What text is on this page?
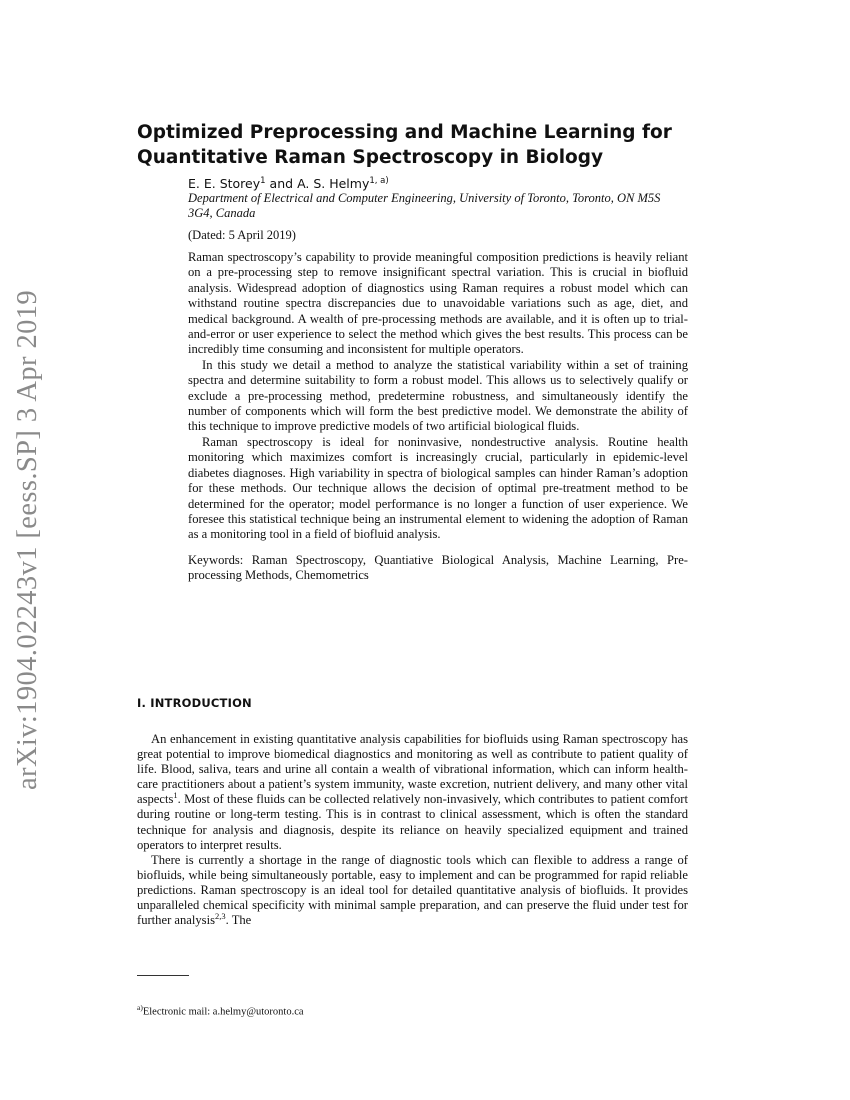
arXiv:1904.02243v1 [eess.SP] 3 Apr 2019
Optimized Preprocessing and Machine Learning for Quantitative Raman Spectroscopy in Biology
E. E. Storey$^1$ and A. S. Helmy$^{1, a)}$
Department of Electrical and Computer Engineering, University of Toronto, Toronto, ON M5S 3G4, Canada
(Dated: 5 April 2019)

Raman spectroscopy’s capability to provide meaningful composition predictions is heavily reliant on a pre-processing step to remove insignificant spectral variation. This is crucial in biofluid analysis. Widespread adoption of diagnostics using Raman requires a robust model which can withstand routine spectra discrepancies due to unavoidable variations such as age, diet, and medical background. A wealth of pre-processing methods are available, and it is often up to trial-and-error or user experience to select the method which gives the best results. This process can be incredibly time consuming and inconsistent for multiple operators.

In this study we detail a method to analyze the statistical variability within a set of training spectra and determine suitability to form a robust model. This allows us to selectively qualify or exclude a pre-processing method, predetermine robustness, and simultaneously identify the number of components which will form the best predictive model. We demonstrate the ability of this technique to improve predictive models of two artificial biological fluids.

Raman spectroscopy is ideal for noninvasive, nondestructive analysis. Routine health monitoring which maximizes comfort is increasingly crucial, particularly in epidemic-level diabetes diagnoses. High variability in spectra of biological samples can hinder Raman’s adoption for these methods. Our technique allows the decision of optimal pre-treatment method to be determined for the operator; model performance is no longer a function of user experience. We foresee this statistical technique being an instrumental element to widening the adoption of Raman as a monitoring tool in a field of biofluid analysis.

Keywords: Raman Spectroscopy, Quantiative Biological Analysis, Machine Learning, Pre-processing Methods, Chemometrics

I. INTRODUCTION

An enhancement in existing quantitative analysis capabilities for biofluids using Raman spectroscopy has great potential to improve biomedical diagnostics and monitoring as well as contribute to patient quality of life. Blood, saliva, tears and urine all contain a wealth of vibrational information, which can inform health-care practitioners about a patient’s system immunity, waste excretion, nutrient delivery, and many other vital aspects$^1$. Most of these fluids can be collected relatively non-invasively, which contributes to patient comfort during routine or long-term testing. This is in contrast to clinical assessment, which is often the standard technique for analysis and diagnosis, despite its reliance on heavily specialized equipment and trained operators to interpret results.

There is currently a shortage in the range of diagnostic tools which can flexible to address a range of biofluids, while being simultaneously portable, easy to implement and can be programmed for rapid reliable predictions. Raman spectroscopy is an ideal tool for detailed quantitative analysis of biofluids. It provides unparalleled chemical specificity with minimal sample preparation, and can preserve the fluid under test for further analysis$^{2,3}$. The

$^{a)}$Electronic mail: a.helmy@utoronto.ca
